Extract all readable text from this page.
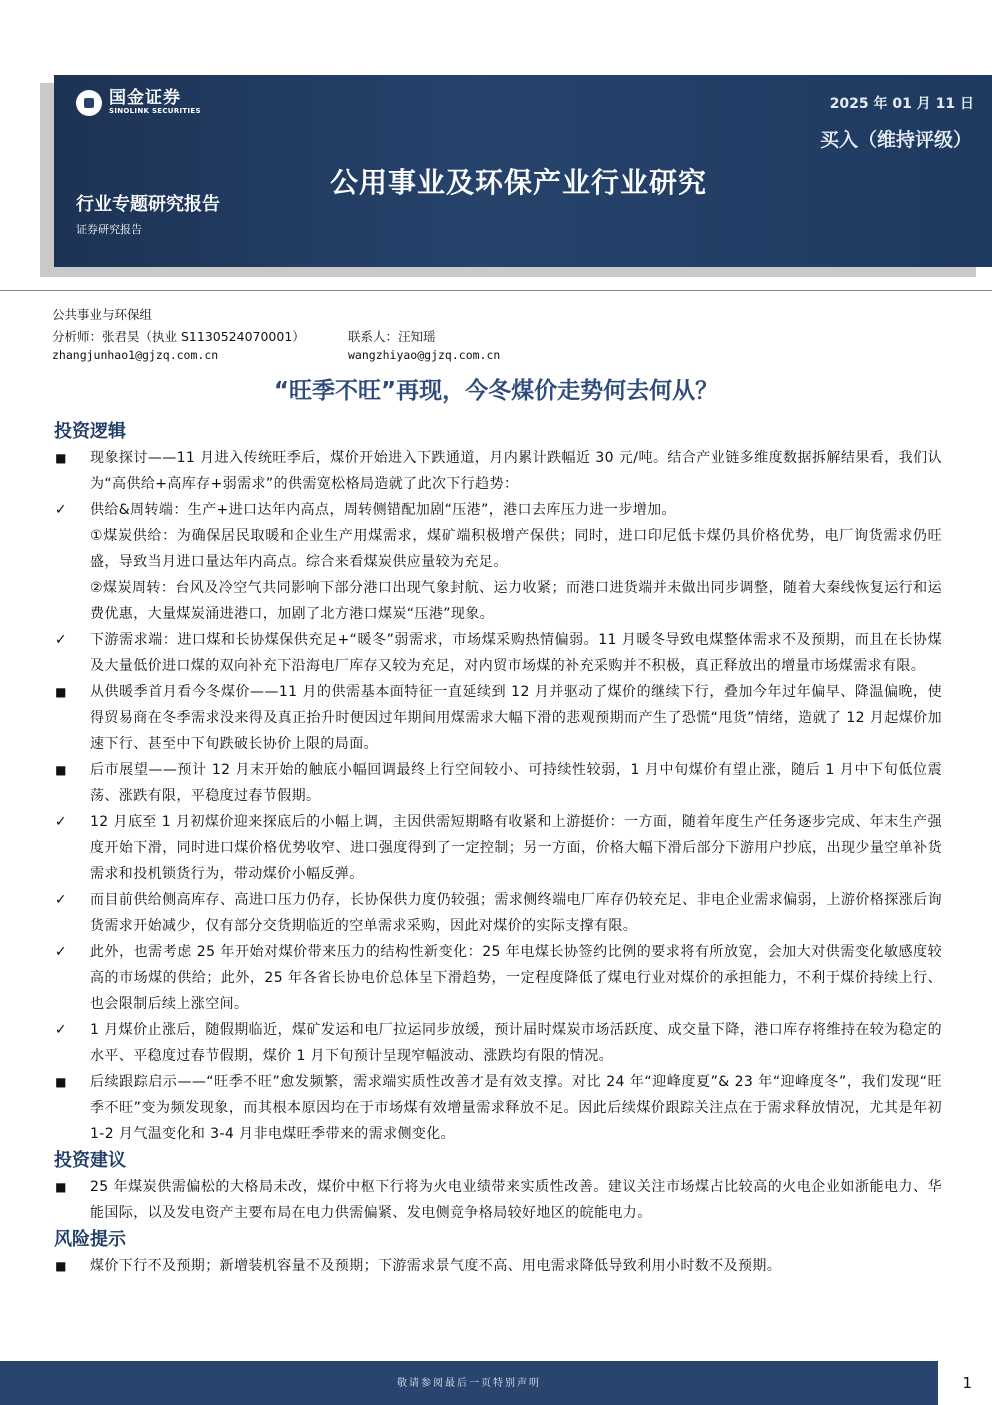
国金证券
SINOLINK SECURITIES	2025 年 01 月 11 日
买入（维持评级）
公用事业及环保产业行业研究
行业专题研究报告
证券研究报告
公共事业与环保组
分析师：张君昊（执业 S1130524070001）	联系人：汪知瑶
zhangjunhao1@gjzq.com.cn	wangzhiyao@gjzq.com.cn
“旺季不旺”再现，今冬煤价走势何去何从？
投资逻辑
■ 现象探讨——11 月进入传统旺季后，煤价开始进入下跌通道，月内累计跌幅近 30 元/吨。结合产业链多维度数据拆解结果看，我们认为“高供给+高库存+弱需求”的供需宽松格局造就了此次下行趋势：
✓ 供给&周转端：生产+进口达年内高点，周转侧错配加剧“压港”，港口去库压力进一步增加。
①煤炭供给：为确保居民取暖和企业生产用煤需求，煤矿端积极增产保供；同时，进口印尼低卡煤仍具价格优势，电厂询货需求仍旺盛，导致当月进口量达年内高点。综合来看煤炭供应量较为充足。
②煤炭周转：台风及冷空气共同影响下部分港口出现气象封航、运力收紧；而港口进货端并未做出同步调整，随着大秦线恢复运行和运费优惠，大量煤炭涌进港口，加剧了北方港口煤炭“压港”现象。
✓ 下游需求端：进口煤和长协煤保供充足+“暖冬”弱需求，市场煤采购热情偏弱。11 月暖冬导致电煤整体需求不及预期，而且在长协煤及大量低价进口煤的双向补充下沿海电厂库存又较为充足，对内贸市场煤的补充采购并不积极，真正释放出的增量市场煤需求有限。
■ 从供暖季首月看今冬煤价——11 月的供需基本面特征一直延续到 12 月并驱动了煤价的继续下行，叠加今年过年偏早、降温偏晚，使得贸易商在冬季需求没来得及真正抬升时便因过年期间用煤需求大幅下滑的悲观预期而产生了恐慌“甩货”情绪，造就了 12 月起煤价加速下行、甚至中下旬跌破长协价上限的局面。
■ 后市展望——预计 12 月末开始的触底小幅回调最终上行空间较小、可持续性较弱，1 月中旬煤价有望止涨，随后 1 月中下旬低位震荡、涨跌有限，平稳度过春节假期。
✓ 12 月底至 1 月初煤价迎来探底后的小幅上调，主因供需短期略有收紧和上游挺价：一方面，随着年度生产任务逐步完成、年末生产强度开始下滑，同时进口煤价格优势收窄、进口强度得到了一定控制；另一方面，价格大幅下滑后部分下游用户抄底，出现少量空单补货需求和投机锁货行为，带动煤价小幅反弹。
✓ 而目前供给侧高库存、高进口压力仍存，长协保供力度仍较强；需求侧终端电厂库存仍较充足、非电企业需求偏弱，上游价格探涨后询货需求开始减少，仅有部分交货期临近的空单需求采购，因此对煤价的实际支撑有限。
✓ 此外，也需考虑 25 年开始对煤价带来压力的结构性新变化：25 年电煤长协签约比例的要求将有所放宽，会加大对供需变化敏感度较高的市场煤的供给；此外，25 年各省长协电价总体呈下滑趋势，一定程度降低了煤电行业对煤价的承担能力，不利于煤价持续上行、也会限制后续上涨空间。
✓ 1 月煤价止涨后，随假期临近，煤矿发运和电厂拉运同步放缓，预计届时煤炭市场活跃度、成交量下降，港口库存将维持在较为稳定的水平、平稳度过春节假期，煤价 1 月下旬预计呈现窄幅波动、涨跌均有限的情况。
■ 后续跟踪启示——“旺季不旺”愈发频繁，需求端实质性改善才是有效支撑。对比 24 年“迎峰度夏”& 23 年“迎峰度冬”，我们发现“旺季不旺”变为频发现象，而其根本原因均在于市场煤有效增量需求释放不足。因此后续煤价跟踪关注点在于需求释放情况，尤其是年初 1-2 月气温变化和 3-4 月非电煤旺季带来的需求侧变化。
投资建议
■ 25 年煤炭供需偏松的大格局未改，煤价中枢下行将为火电业绩带来实质性改善。建议关注市场煤占比较高的火电企业如浙能电力、华能国际，以及发电资产主要布局在电力供需偏紧、发电侧竞争格局较好地区的皖能电力。
风险提示
■ 煤价下行不及预期；新增装机容量不及预期；下游需求景气度不高、用电需求降低导致利用小时数不及预期。
敬请参阅最后一页特别声明	1
